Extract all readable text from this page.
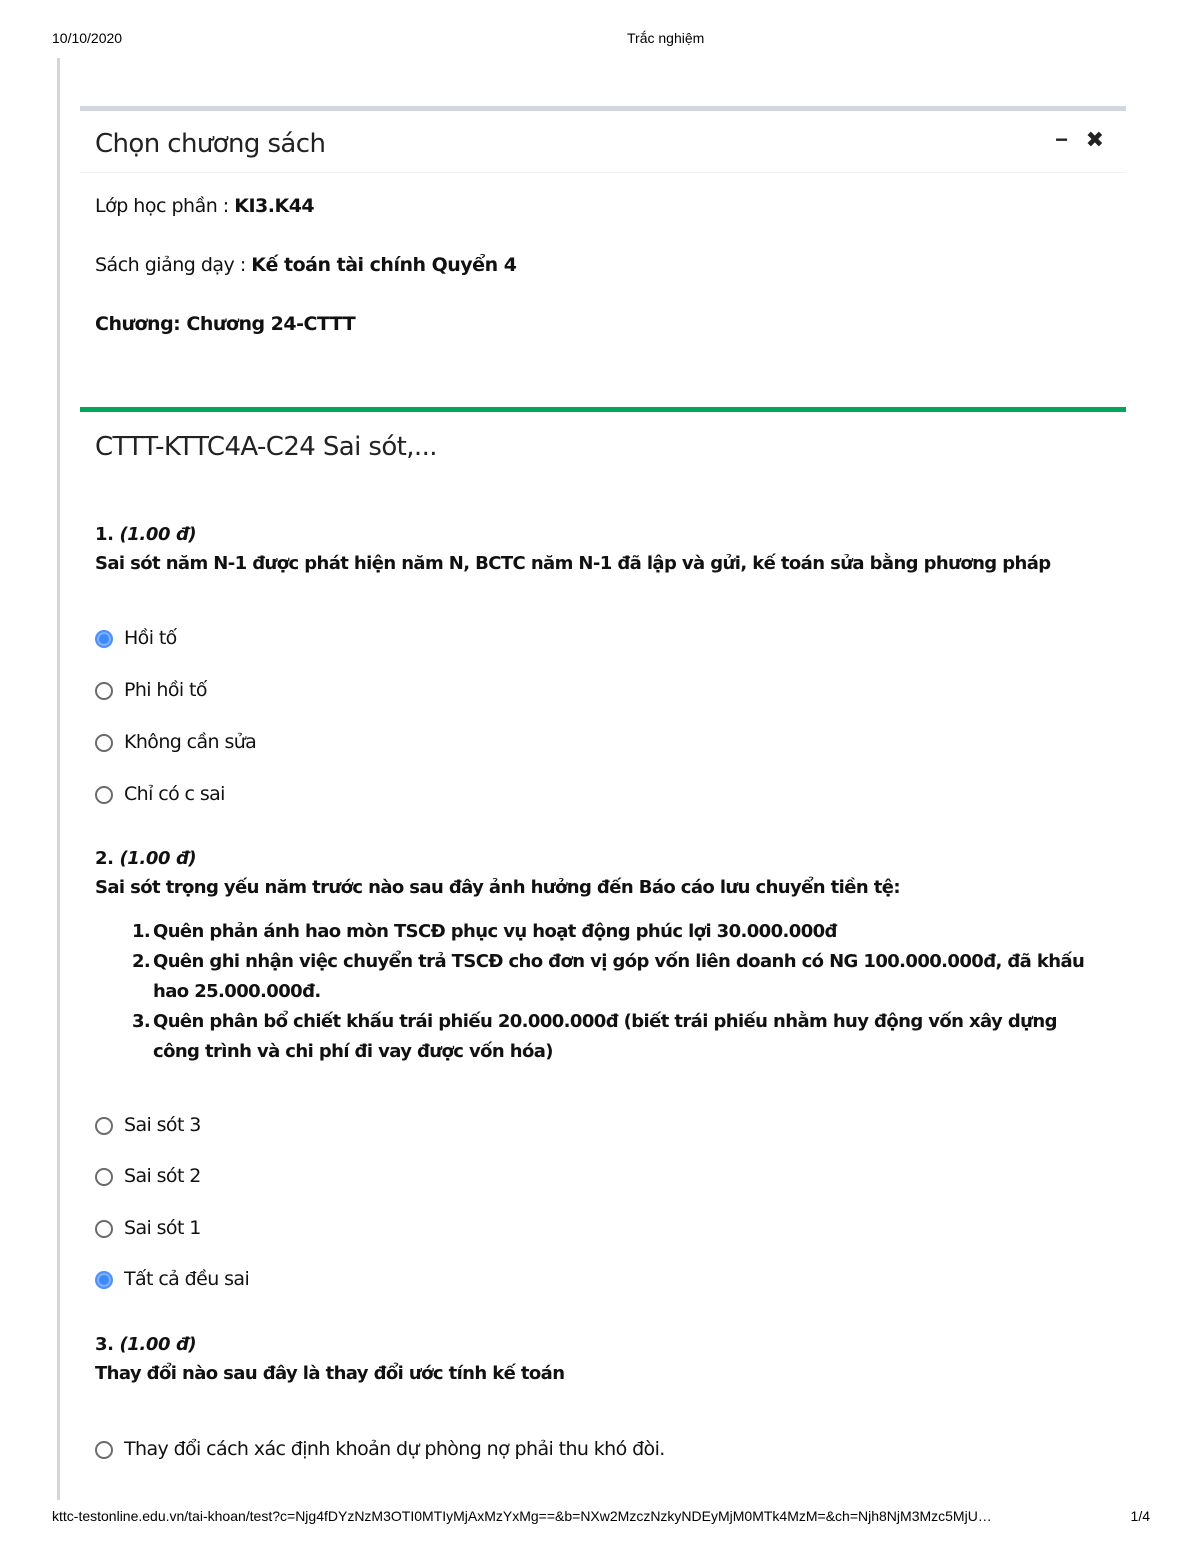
10/10/2020	Trắc nghiệm
Chọn chương sách	− ✖
Lớp học phần : KI3.K44
Sách giảng dạy : Kế toán tài chính Quyển 4
Chương: Chương 24-CTTT
CTTT-KTTC4A-C24 Sai sót,...
1. (1.00 đ)
Sai sót năm N-1 được phát hiện năm N, BCTC năm N-1 đã lập và gửi, kế toán sửa bằng phương pháp
Hồi tố
Phi hồi tố
Không cần sửa
Chỉ có c sai
2. (1.00 đ)
Sai sót trọng yếu năm trước nào sau đây ảnh hưởng đến Báo cáo lưu chuyển tiền tệ:
1. Quên phản ánh hao mòn TSCĐ phục vụ hoạt động phúc lợi 30.000.000đ
2. Quên ghi nhận việc chuyển trả TSCĐ cho đơn vị góp vốn liên doanh có NG 100.000.000đ, đã khấu hao 25.000.000đ.
3. Quên phân bổ chiết khấu trái phiếu 20.000.000đ (biết trái phiếu nhằm huy động vốn xây dựng công trình và chi phí đi vay được vốn hóa)
Sai sót 3
Sai sót 2
Sai sót 1
Tất cả đều sai
3. (1.00 đ)
Thay đổi nào sau đây là thay đổi ước tính kế toán
Thay đổi cách xác định khoản dự phòng nợ phải thu khó đòi.
kttc-testonline.edu.vn/tai-khoan/test?c=Njg4fDYzNzM3OTI0MTIyMjAxMzYxMg==&b=NXw2MzczNzkyNDEyMjM0MTk4MzM=&ch=Njh8NjM3Mzc5MjU…	1/4
